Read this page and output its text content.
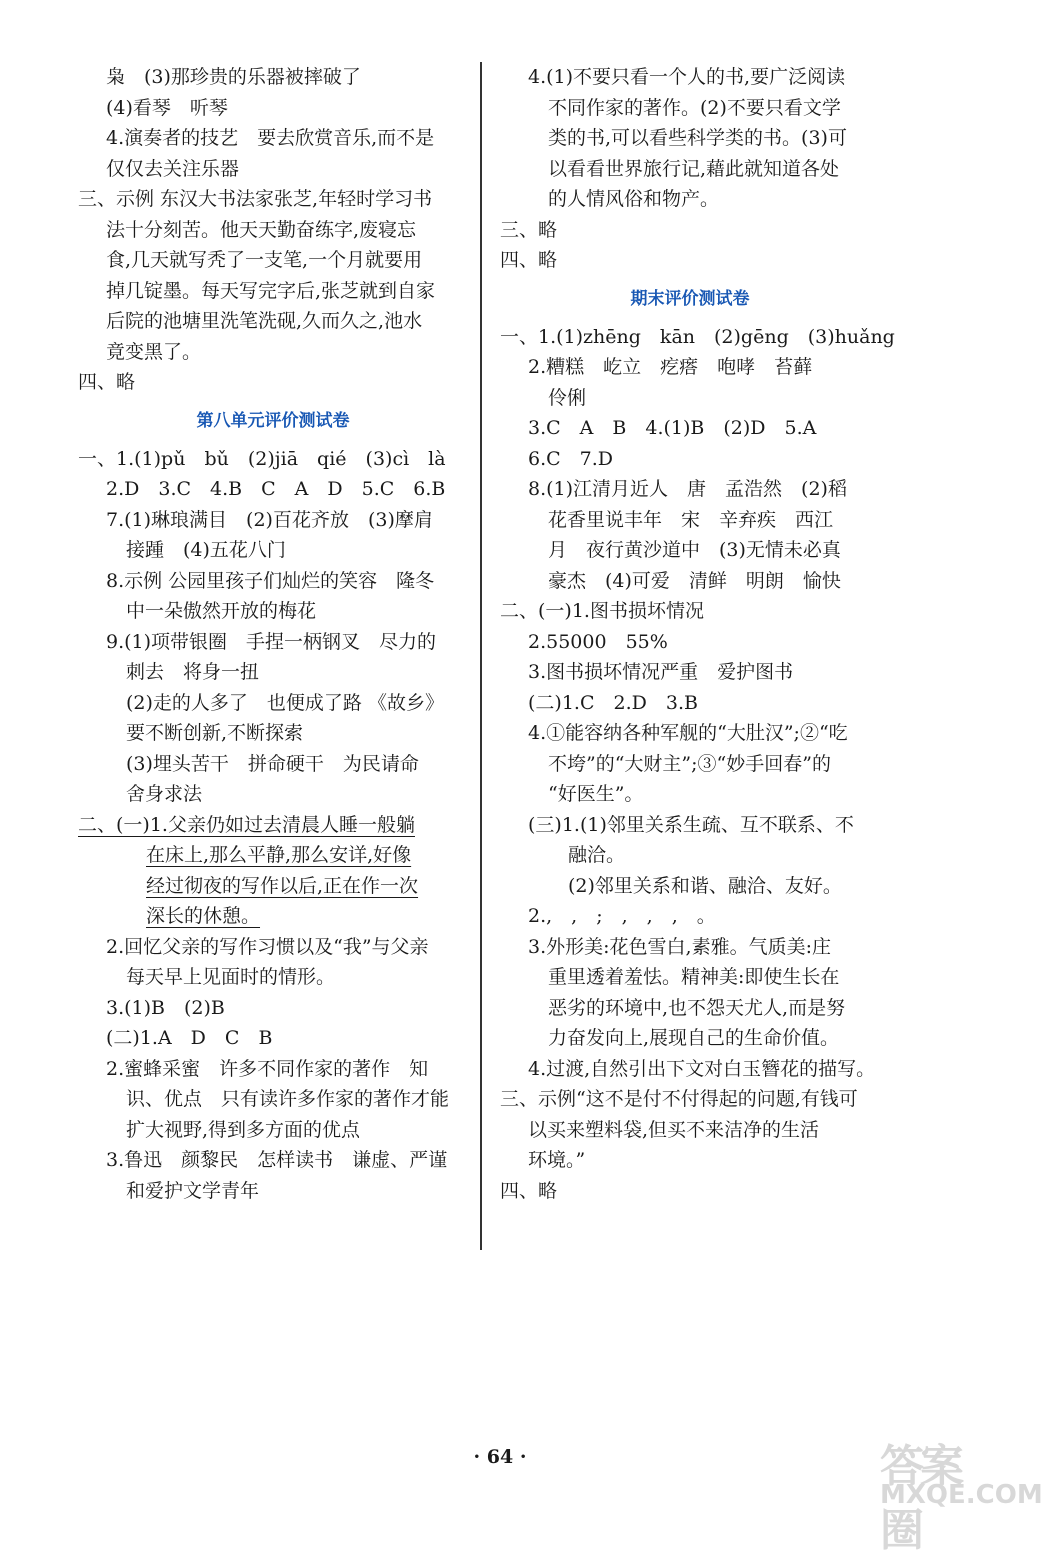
枭　(3)那珍贵的乐器被摔破了
(4)看琴　听琴
4.演奏者的技艺　要去欣赏音乐,而不是
仅仅去关注乐器
三、示例 东汉大书法家张芝,年轻时学习书
法十分刻苦。他天天勤奋练字,废寝忘
食,几天就写秃了一支笔,一个月就要用
掉几锭墨。每天写完字后,张芝就到自家
后院的池塘里洗笔洗砚,久而久之,池水
竟变黑了。
四、略
第八单元评价测试卷
一、1.(1)pǔ　bǔ　(2)jiā　qié　(3)cì　là
2.D　3.C　4.B　C　A　D　5.C　6.B
7.(1)琳琅满目　(2)百花齐放　(3)摩肩
接踵　(4)五花八门
8.示例 公园里孩子们灿烂的笑容　隆冬
中一朵傲然开放的梅花
9.(1)项带银圈　手捏一柄钢叉　尽力的
刺去　将身一扭
(2)走的人多了　也便成了路 《故乡》
要不断创新,不断探索
(3)埋头苦干　拼命硬干　为民请命
舍身求法
二、(一)1.父亲仍如过去清晨人睡一般躺
在床上,那么平静,那么安详,好像
经过彻夜的写作以后,正在作一次
深长的休憩。
2.回忆父亲的写作习惯以及“我”与父亲
每天早上见面时的情形。
3.(1)B　(2)B
(二)1.A　D　C　B
2.蜜蜂采蜜　许多不同作家的著作　知
识、优点　只有读许多作家的著作才能
扩大视野,得到多方面的优点
3.鲁迅　颜黎民　怎样读书　谦虚、严谨
和爱护文学青年
4.(1)不要只看一个人的书,要广泛阅读
不同作家的著作。(2)不要只看文学
类的书,可以看些科学类的书。(3)可
以看看世界旅行记,藉此就知道各处
的人情风俗和物产。
三、略
四、略
期末评价测试卷
一、1.(1)zhēng　kān　(2)gēng　(3)huǎng
2.糟糕　屹立　疙瘩　咆哮　苔藓
伶俐
3.C　A　B　4.(1)B　(2)D　5.A
6.C　7.D
8.(1)江清月近人　唐　孟浩然　(2)稻
花香里说丰年　宋　辛弃疾　西江
月　夜行黄沙道中　(3)无情未必真
豪杰　(4)可爱　清鲜　明朗　愉快
二、(一)1.图书损坏情况
2.55000　55%
3.图书损坏情况严重　爱护图书
(二)1.C　2.D　3.B
4.①能容纳各种军舰的“大肚汉”;②“吃
不垮”的“大财主”;③“妙手回春”的
“好医生”。
(三)1.(1)邻里关系生疏、互不联系、不
融洽。
(2)邻里关系和谐、融洽、友好。
2.,　,　;　,　,　,　。
3.外形美:花色雪白,素雅。气质美:庄
重里透着羞怯。精神美:即使生长在
恶劣的环境中,也不怨天尤人,而是努
力奋发向上,展现自己的生命价值。
4.过渡,自然引出下文对白玉簪花的描写。
三、示例“这不是付不付得起的问题,有钱可
以买来塑料袋,但买不来洁净的生活
环境。”
四、略
· 64 ·	答案圈
MXQE.COM
